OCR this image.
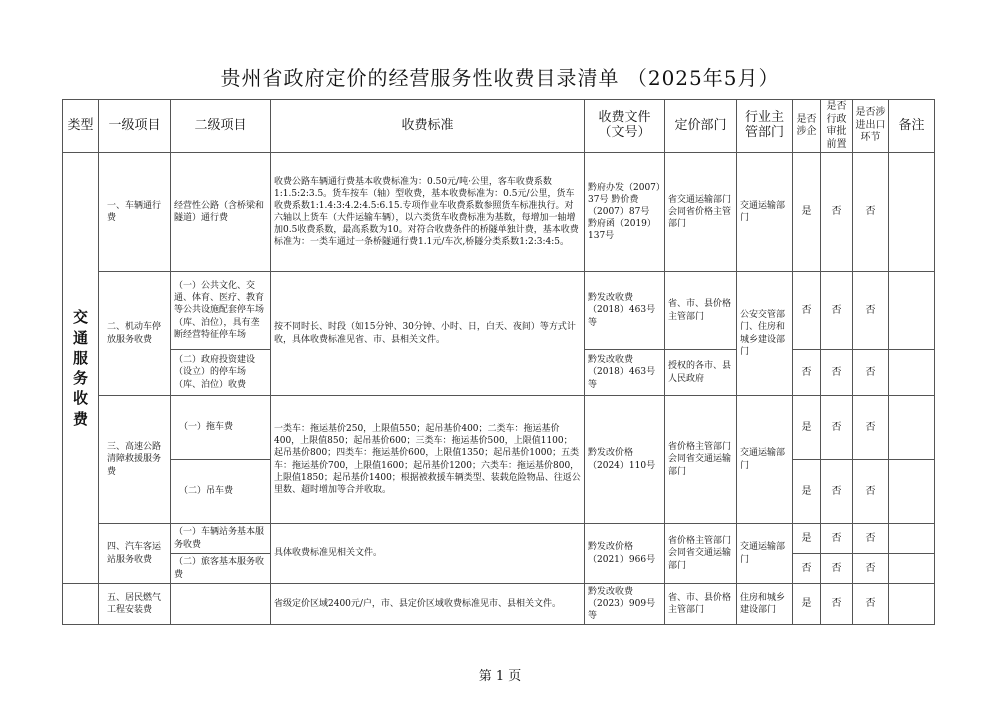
贵州省政府定价的经营服务性收费目录清单 （2025年5月）
类型	一级项目	二级项目	收费标准	收费文件（文号）	定价部门	行业主管部门	是否涉企	是否行政审批前置	是否涉进出口环节	备注
交通服务收费	一、车辆通行费	经营性公路（含桥梁和隧道）通行费	收费公路车辆通行费基本收费标准为：0.50元/吨·公里，客车收费系数1:1.5:2:3.5。货车按车（轴）型收费，基本收费标准为：0.5元/公里，货车收费系数1:1.4:3:4.2:4.5:6.15.专项作业车收费系数参照货车标准执行。对六轴以上货车（大件运输车辆），以六类货车收费标准为基数，每增加一轴增加0.5收费系数，最高系数为10。对符合收费条件的桥隧单独计费，基本收费标准为：一类车通过一条桥隧通行费1.1元/车次,桥隧分类系数1:2:3:4:5。	黔府办发（2007）37号 黔价费（2007）87号 黔府函（2019）137号	省交通运输部门会同省价格主管部门	交通运输部门	是	否	否	
	二、机动车停放服务收费	（一）公共文化、交通、体育、医疗、教育等公共设施配套停车场（库、泊位），具有垄断经营特征停车场	按不同时长、时段（如15分钟、30分钟、小时、日，白天、夜间）等方式计收，具体收费标准见省、市、县相关文件。	黔发改收费（2018）463号等	省、市、县价格主管部门	公安交管部门、住房和城乡建设部门	否	否	否	
		（二）政府投资建设（设立）的停车场（库、泊位）收费		黔发改收费（2018）463号等	授权的各市、县人民政府		否	否	否	
	三、高速公路清障救援服务费	（一）拖车费	一类车：拖运基价250，上限值550；起吊基价400；二类车：拖运基价400，上限值850；起吊基价600；三类车：拖运基价500，上限值1100；起吊基价800；四类车：拖运基价600，上限值1350；起吊基价1000；五类车：拖运基价700，上限值1600；起吊基价1200；六类车：拖运基价800，上限值1850；起吊基价1400；根据被救援车辆类型、装载危险物品、往返公里数、超时增加等合并收取。	黔发改价格（2024）110号	省价格主管部门会同省交通运输部门	交通运输部门	是	否	否	
		（二）吊车费					是	否	否	
	四、汽车客运站服务收费	（一）车辆站务基本服务收费	具体收费标准见相关文件。	黔发改价格（2021）966号	省价格主管部门会同省交通运输部门	交通运输部门	是	否	否	
		（二）旅客基本服务收费					否	否	否	
	五、居民燃气工程安装费		省级定价区域2400元/户，市、县定价区域收费标准见市、县相关文件。	黔发改收费（2023）909号等	省、市、县价格主管部门	住房和城乡建设部门	是	否	否	
第 1 页
